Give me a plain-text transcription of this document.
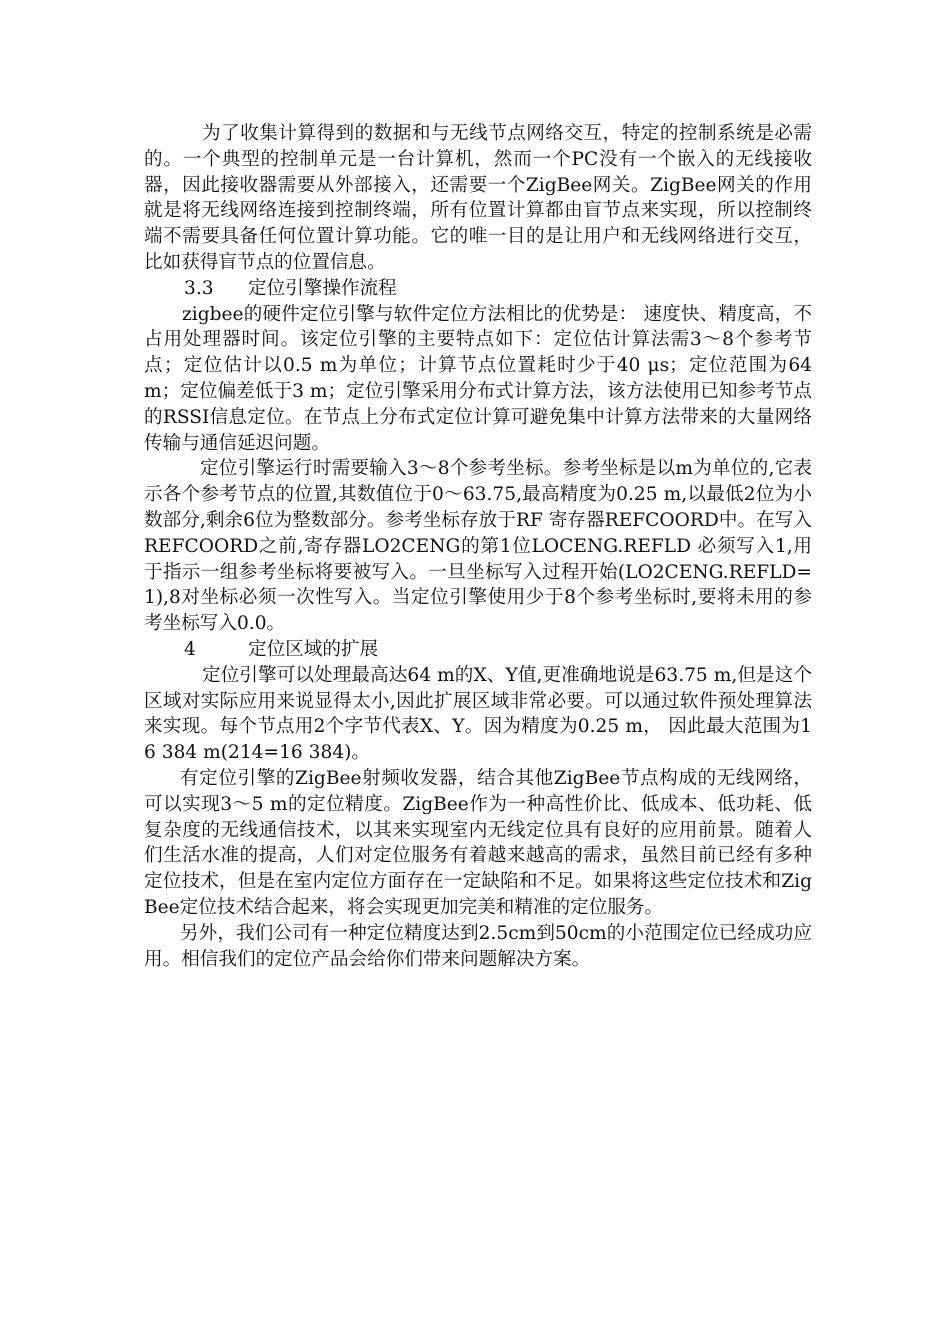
为了收集计算得到的数据和与无线节点网络交互，特定的控制系统是必需的。一个典型的控制单元是一台计算机，然而一个PC没有一个嵌入的无线接收器，因此接收器需要从外部接入，还需要一个ZigBee网关。ZigBee网关的作用就是将无线网络连接到控制终端，所有位置计算都由盲节点来实现，所以控制终端不需要具备任何位置计算功能。它的唯一目的是让用户和无线网络进行交互，比如获得盲节点的位置信息。

3.3 定位引擎操作流程

zigbee的硬件定位引擎与软件定位方法相比的优势是： 速度快、精度高，不占用处理器时间。该定位引擎的主要特点如下：定位估计算法需3～8个参考节点；定位估计以0.5 m为单位；计算节点位置耗时少于40 μs；定位范围为64 m；定位偏差低于3 m；定位引擎采用分布式计算方法，该方法使用已知参考节点的RSSI信息定位。在节点上分布式定位计算可避免集中计算方法带来的大量网络传输与通信延迟问题。

定位引擎运行时需要输入3～8个参考坐标。参考坐标是以m为单位的,它表示各个参考节点的位置,其数值位于0～63.75,最高精度为0.25 m,以最低2位为小数部分,剩余6位为整数部分。参考坐标存放于RF 寄存器REFCOORD中。在写入REFCOORD之前,寄存器LO2CENG的第1位LOCENG.REFLD 必须写入1,用于指示一组参考坐标将要被写入。一旦坐标写入过程开始(LO2CENG.REFLD=1),8对坐标必须一次性写入。当定位引擎使用少于8个参考坐标时,要将未用的参考坐标写入0.0。

4	定位区域的扩展

定位引擎可以处理最高达64 m的X、Y值,更准确地说是63.75 m,但是这个区域对实际应用来说显得太小,因此扩展区域非常必要。可以通过软件预处理算法来实现。每个节点用2个字节代表X、Y。因为精度为0.25 m， 因此最大范围为16 384 m(214=16 384)。

有定位引擎的ZigBee射频收发器，结合其他ZigBee节点构成的无线网络，可以实现3～5 m的定位精度。ZigBee作为一种高性价比、低成本、低功耗、低复杂度的无线通信技术，以其来实现室内无线定位具有良好的应用前景。随着人们生活水准的提高，人们对定位服务有着越来越高的需求，虽然目前已经有多种定位技术，但是在室内定位方面存在一定缺陷和不足。如果将这些定位技术和ZigBee定位技术结合起来，将会实现更加完美和精准的定位服务。

另外，我们公司有一种定位精度达到2.5cm到50cm的小范围定位已经成功应用。相信我们的定位产品会给你们带来问题解决方案。
